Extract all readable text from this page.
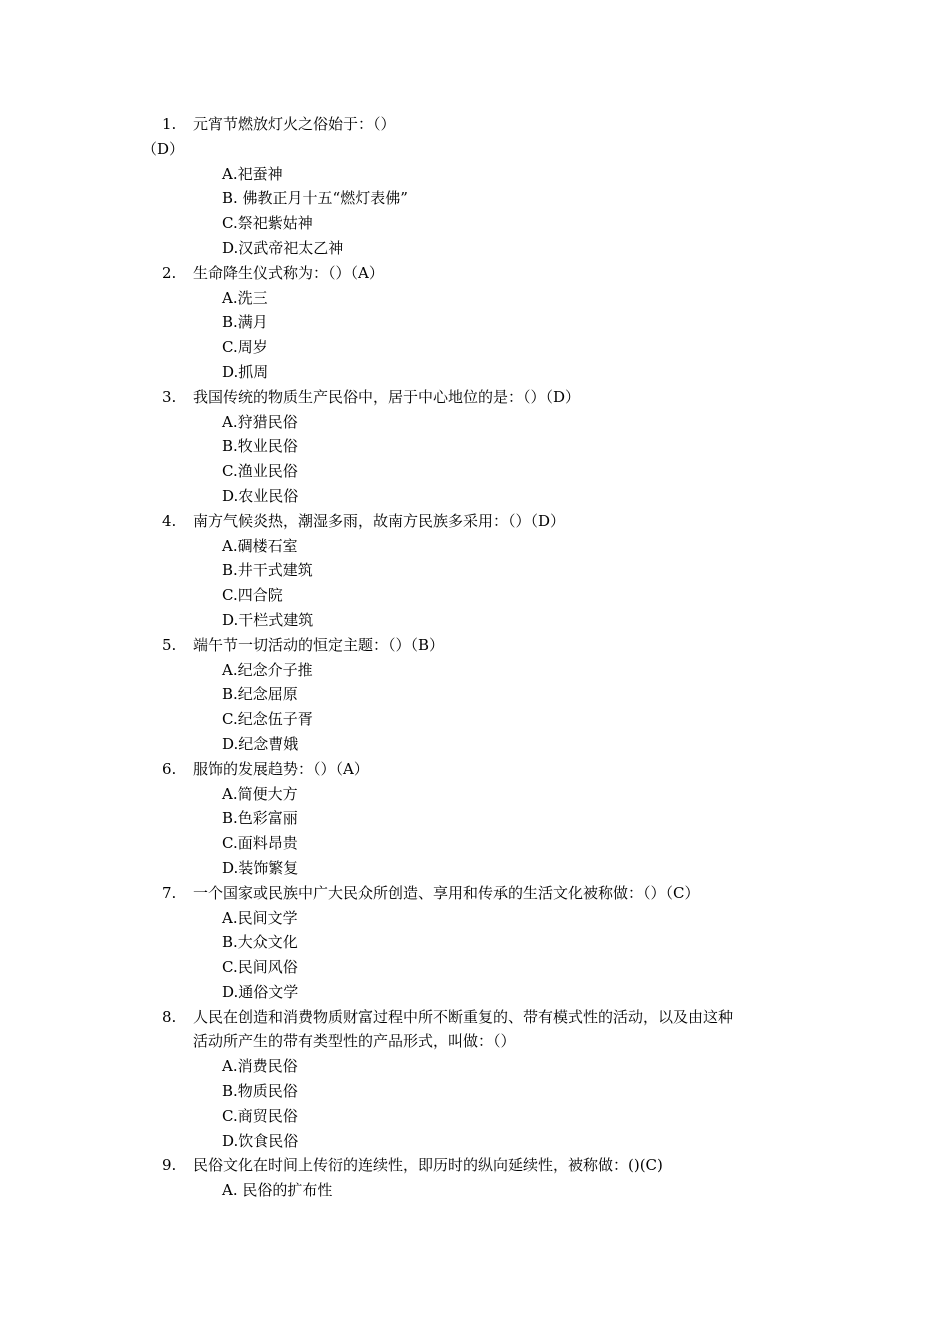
1.	元宵节燃放灯火之俗始于：（）
（D）
A.祀蚕神
B. 佛教正月十五“燃灯表佛”
C.祭祀紫姑神
D.汉武帝祀太乙神
2.	生命降生仪式称为：（）（A）
A.洗三
B.满月
C.周岁
D.抓周
3.	我国传统的物质生产民俗中，居于中心地位的是：（）（D）
A.狩猎民俗
B.牧业民俗
C.渔业民俗
D.农业民俗
4.	南方气候炎热，潮湿多雨，故南方民族多采用：（）（D）
A.碉楼石室
B.井干式建筑
C.四合院
D.干栏式建筑
5.	端午节一切活动的恒定主题：（）（B）
A.纪念介子推
B.纪念屈原
C.纪念伍子胥
D.纪念曹娥
6.	服饰的发展趋势：（）（A）
A.简便大方
B.色彩富丽
C.面料昂贵
D.装饰繁复
7.	一个国家或民族中广大民众所创造、享用和传承的生活文化被称做：（）（C）
A.民间文学
B.大众文化
C.民间风俗
D.通俗文学
8.	人民在创造和消费物质财富过程中所不断重复的、带有模式性的活动，以及由这种
活动所产生的带有类型性的产品形式，叫做：（）
A.消费民俗
B.物质民俗
C.商贸民俗
D.饮食民俗
9.	民俗文化在时间上传衍的连续性，即历时的纵向延续性，被称做：()(C)
A. 民俗的扩布性
